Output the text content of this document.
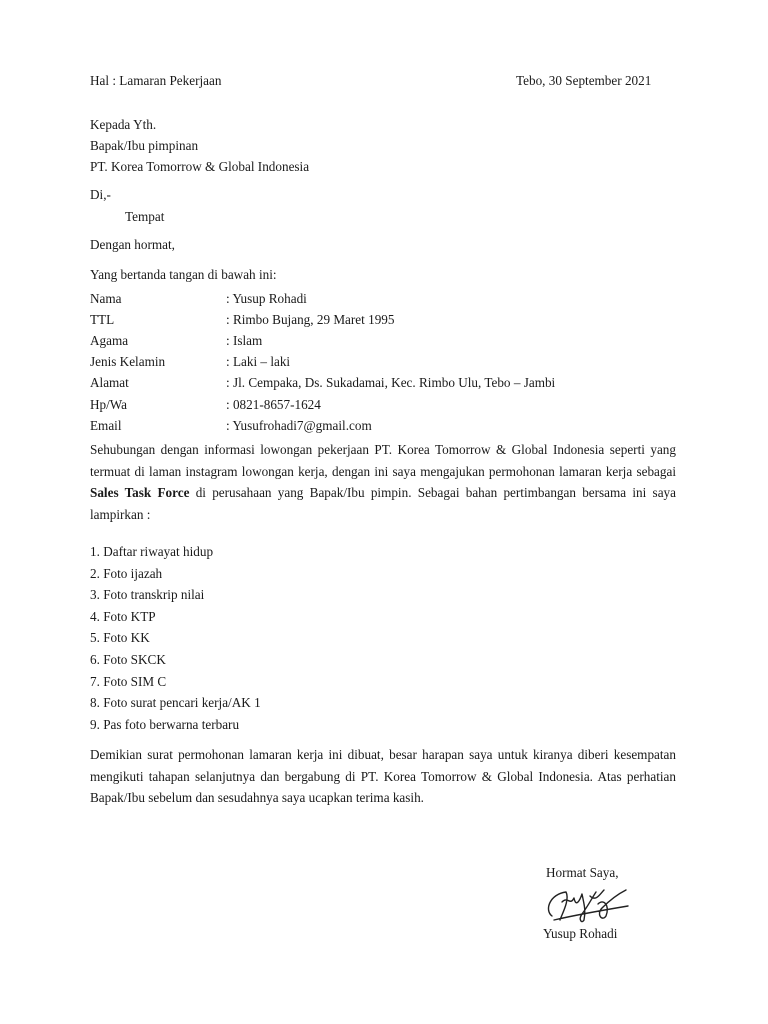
Hal : Lamaran Pekerjaan	Tebo, 30 September 2021
Kepada Yth.
Bapak/Ibu pimpinan
PT. Korea Tomorrow & Global Indonesia
Di,-
Tempat
Dengan hormat,
Yang bertanda tangan di bawah ini:
Nama	: Yusup Rohadi
TTL	: Rimbo Bujang, 29 Maret 1995
Agama	: Islam
Jenis Kelamin	: Laki – laki
Alamat	: Jl. Cempaka, Ds. Sukadamai, Kec. Rimbo Ulu, Tebo – Jambi
Hp/Wa	: 0821-8657-1624
Email	: Yusufrohadi7@gmail.com
Sehubungan dengan informasi lowongan pekerjaan PT. Korea Tomorrow & Global Indonesia seperti yang termuat di laman instagram lowongan kerja, dengan ini saya mengajukan permohonan lamaran kerja sebagai Sales Task Force di perusahaan yang Bapak/Ibu pimpin. Sebagai bahan pertimbangan bersama ini saya lampirkan :
1. Daftar riwayat hidup
2. Foto ijazah
3. Foto transkrip nilai
4. Foto KTP
5. Foto KK
6. Foto SKCK
7. Foto SIM C
8. Foto surat pencari kerja/AK 1
9. Pas foto berwarna terbaru
Demikian surat permohonan lamaran kerja ini dibuat, besar harapan saya untuk kiranya diberi kesempatan mengikuti tahapan selanjutnya dan bergabung di PT. Korea Tomorrow & Global Indonesia. Atas perhatian Bapak/Ibu sebelum dan sesudahnya saya ucapkan terima kasih.
Hormat Saya,
Yusup Rohadi
